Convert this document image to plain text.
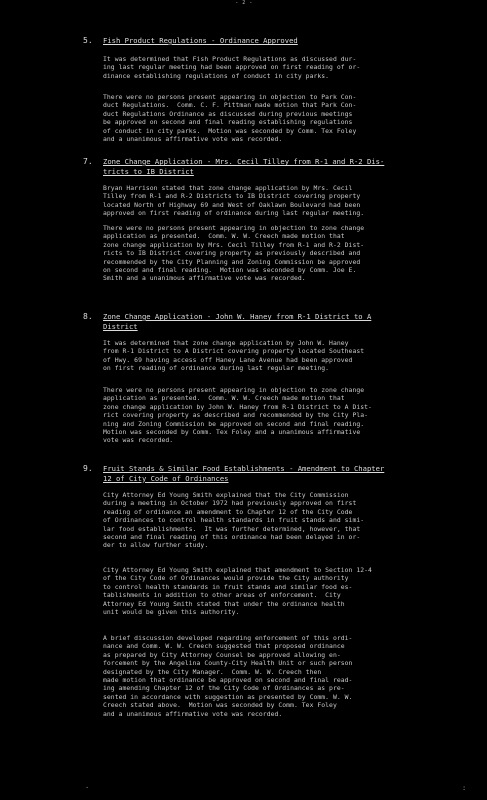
- 2 -
5. Fish Product Regulations - Ordinance Approved
It was determined that Fish Product Regulations as discussed dur-
ing last regular meeting had been approved on first reading of or-
dinance establishing regulations of conduct in city parks.
There were no persons present appearing in objection to Park Con-
duct Regulations.  Comm. C. F. Pittman made motion that Park Con-
duct Regulations Ordinance as discussed during previous meetings
be approved on second and final reading establishing regulations
of conduct in city parks.  Motion was seconded by Comm. Tex Foley
and a unanimous affirmative vote was recorded.
7. Zone Change Application - Mrs. Cecil Tilley from R-1 and R-2 Dis-
tricts to IB District
Bryan Harrison stated that zone change application by Mrs. Cecil
Tilley from R-1 and R-2 Districts to IB District covering property
located North of Highway 69 and West of Oaklawn Boulevard had been
approved on first reading of ordinance during last regular meeting.
There were no persons present appearing in objection to zone change
application as presented.  Comm. W. W. Creech made motion that
zone change application by Mrs. Cecil Tilley from R-1 and R-2 Dist-
ricts to IB District covering property as previously described and
recommended by the City Planning and Zoning Commission be approved
on second and final reading.  Motion was seconded by Comm. Joe E.
Smith and a unanimous affirmative vote was recorded.
8. Zone Change Application - John W. Haney from R-1 District to A
District
It was determined that zone change application by John W. Haney
from R-1 District to A District covering property located Southeast
of Hwy. 69 having access off Haney Lane Avenue had been approved
on first reading of ordinance during last regular meeting.
There were no persons present appearing in objection to zone change
application as presented.  Comm. W. W. Creech made motion that
zone change application by John W. Haney from R-1 District to A Dist-
rict covering property as described and recommended by the City Pla-
ning and Zoning Commission be approved on second and final reading.
Motion was seconded by Comm. Tex Foley and a unanimous affirmative
vote was recorded.
9. Fruit Stands & Similar Food Establishments - Amendment to Chapter
12 of City Code of Ordinances
City Attorney Ed Young Smith explained that the City Commission
during a meeting in October 1972 had previously approved on first
reading of ordinance an amendment to Chapter 12 of the City Code
of Ordinances to control health standards in fruit stands and simi-
lar food establishments.  It was further determined, however, that
second and final reading of this ordinance had been delayed in or-
der to allow further study.
City Attorney Ed Young Smith explained that amendment to Section 12-4
of the City Code of Ordinances would provide the City authority
to control health standards in fruit stands and similar food es-
tablishments in addition to other areas of enforcement.  City
Attorney Ed Young Smith stated that under the ordinance health
unit would be given this authority.
A brief discussion developed regarding enforcement of this ordi-
nance and Comm. W. W. Creech suggested that proposed ordinance
as prepared by City Attorney Counsel be approved allowing en-
forcement by the Angelina County-City Health Unit or such person
designated by the City Manager.  Comm. W. W. Creech then
made motion that ordinance be approved on second and final read-
ing amending Chapter 12 of the City Code of Ordinances as pre-
sented in accordance with suggestion as presented by Comm. W. W.
Creech stated above.  Motion was seconded by Comm. Tex Foley
and a unanimous affirmative vote was recorded.
·	:
